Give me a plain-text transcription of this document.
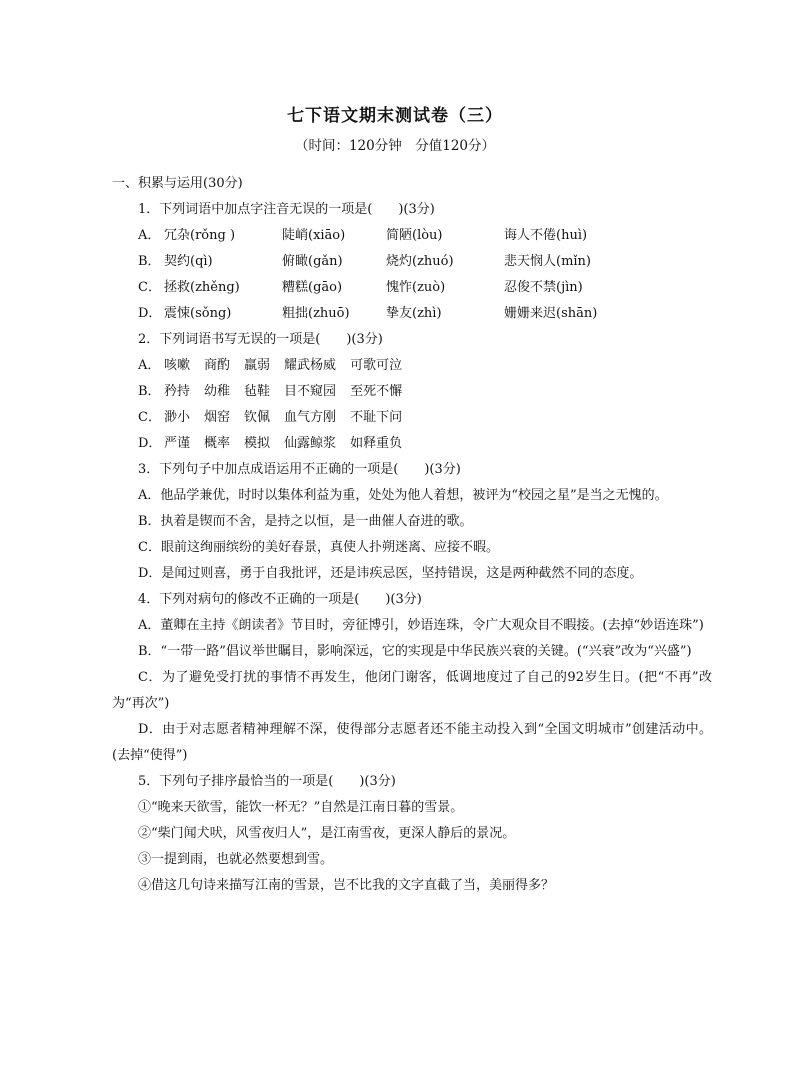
七下语文期末测试卷（三）
（时间：120分钟　分值120分）
一、积累与运用(30分)
1．下列词语中加点字注音无误的一项是(　　)(3分)
A． 冗杂(rǒng )	陡峭(xiāo)	简陋(lòu)	诲人不倦(huì)
B． 契约(qì)	俯瞰(gǎn)	烧灼(zhuó)	悲天悯人(mǐn)
C． 拯救(zhěng)	糟糕(gāo)	愧怍(zuò)	忍俊不禁(jìn)
D． 震悚(sǒng)	粗拙(zhuō)	挚友(zhì)	姗姗来迟(shān)
2．下列词语书写无误的一项是(　　)(3分)
A． 咳嗽 商酌 羸弱 耀武杨威 可歌可泣
B． 矜持 幼稚 毡鞋 目不窥园 至死不懈
C． 渺小 烟窑 钦佩 血气方刚 不耻下问
D． 严谨 概率 模拟 仙露鲸浆 如释重负
3．下列句子中加点成语运用不正确的一项是(　　)(3分)
A．他品学兼优，时时以集体利益为重，处处为他人着想，被评为“校园之星”是当之无愧的。
B．执着是锲而不舍，是持之以恒，是一曲催人奋进的歌。
C．眼前这绚丽缤纷的美好春景，真使人扑朔迷离、应接不暇。
D．是闻过则喜，勇于自我批评，还是讳疾忌医，坚持错误，这是两种截然不同的态度。
4．下列对病句的修改不正确的一项是(　　)(3分)
A．董卿在主持《朗读者》节目时，旁征博引，妙语连珠，令广大观众目不暇接。(去掉“妙语连珠”)
B．“一带一路”倡议举世瞩目，影响深远，它的实现是中华民族兴衰的关键。(“兴衰”改为“兴盛”)
C．为了避免受打扰的事情不再发生，他闭门谢客，低调地度过了自己的92岁生日。(把“不再”改为“再次”)
D．由于对志愿者精神理解不深，使得部分志愿者还不能主动投入到“全国文明城市”创建活动中。(去掉“使得”)
5．下列句子排序最恰当的一项是(　　)(3分)
①“晚来天欲雪，能饮一杯无？”自然是江南日暮的雪景。
②“柴门闻犬吠，风雪夜归人”，是江南雪夜，更深人静后的景况。
③一提到雨，也就必然要想到雪。
④借这几句诗来描写江南的雪景，岂不比我的文字直截了当，美丽得多？
